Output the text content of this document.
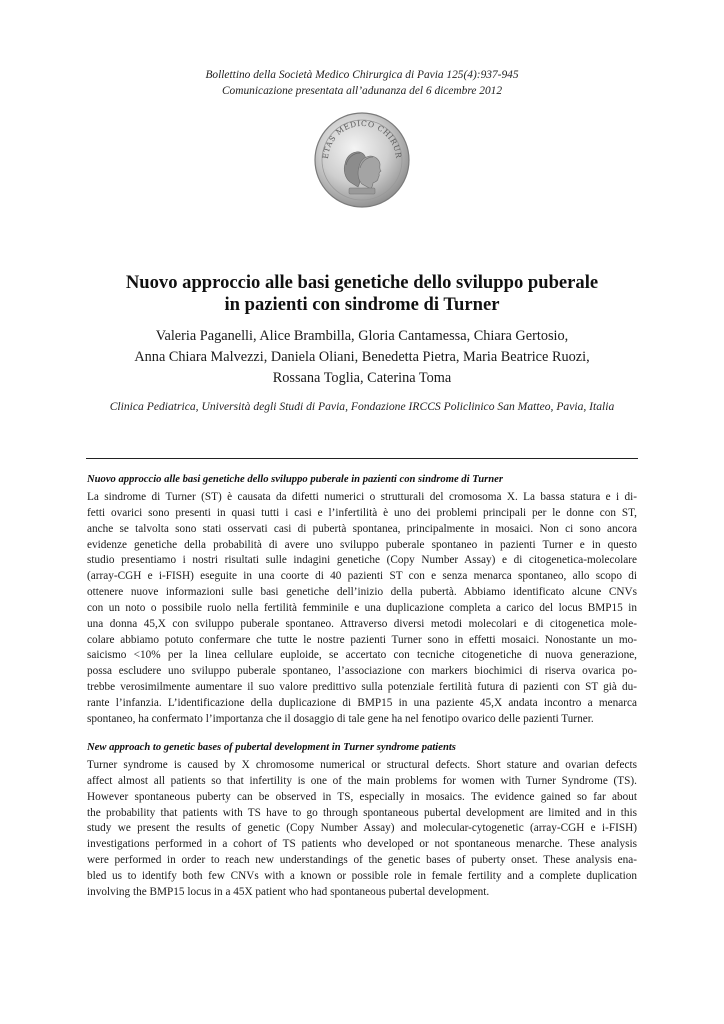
Bollettino della Società Medico Chirurgica di Pavia 125(4):937-945
Comunicazione presentata all’adunanza del 6 dicembre 2012
ETAS MEDICO CHIRUR
Nuovo approccio alle basi genetiche dello sviluppo puberale
in pazienti con sindrome di Turner
Valeria Paganelli, Alice Brambilla, Gloria Cantamessa, Chiara Gertosio,
Anna Chiara Malvezzi, Daniela Oliani, Benedetta Pietra, Maria Beatrice Ruozi,
Rossana Toglia, Caterina Toma
Clinica Pediatrica, Università degli Studi di Pavia, Fondazione IRCCS Policlinico San Matteo, Pavia, Italia
Nuovo approccio alle basi genetiche dello sviluppo puberale in pazienti con sindrome di Turner
La sindrome di Turner (ST) è causata da difetti numerici o strutturali del cromosoma X. La bassa statura e i di-
fetti ovarici sono presenti in quasi tutti i casi e l’infertilità è uno dei problemi principali per le donne con ST,
anche se talvolta sono stati osservati casi di pubertà spontanea, principalmente in mosaici. Non ci sono ancora
evidenze genetiche della probabilità di avere uno sviluppo puberale spontaneo in pazienti Turner e in questo
studio presentiamo i nostri risultati sulle indagini genetiche (Copy Number Assay) e di citogenetica-molecolare
(array-CGH e i-FISH) eseguite in una coorte di 40 pazienti ST con e senza menarca spontaneo, allo scopo di
ottenere nuove informazioni sulle basi genetiche dell’inizio della pubertà. Abbiamo identificato alcune CNVs
con un noto o possibile ruolo nella fertilità femminile e una duplicazione completa a carico del locus BMP15 in
una donna 45,X con sviluppo puberale spontaneo. Attraverso diversi metodi molecolari e di citogenetica mole-
colare abbiamo potuto confermare che tutte le nostre pazienti Turner sono in effetti mosaici. Nonostante un mo-
saicismo <10% per la linea cellulare euploide, se accertato con tecniche citogenetiche di nuova generazione,
possa escludere uno sviluppo puberale spontaneo, l’associazione con markers biochimici di riserva ovarica po-
trebbe verosimilmente aumentare il suo valore predittivo sulla potenziale fertilità futura di pazienti con ST già du-
rante l’infanzia. L’identificazione della duplicazione di BMP15 in una paziente 45,X andata incontro a menarca
spontaneo, ha confermato l’importanza che il dosaggio di tale gene ha nel fenotipo ovarico delle pazienti Turner.
New approach to genetic bases of pubertal development in Turner syndrome patients
Turner syndrome is caused by X chromosome numerical or structural defects. Short stature and ovarian defects
affect almost all patients so that infertility is one of the main problems for women with Turner Syndrome (TS).
However spontaneous puberty can be observed in TS, especially in mosaics. The evidence gained so far about
the probability that patients with TS have to go through spontaneous pubertal development are limited and in this
study we present the results of genetic (Copy Number Assay) and molecular-cytogenetic (array-CGH e i-FISH)
investigations performed in a cohort of TS patients who developed or not spontaneous menarche. These analysis
were performed in order to reach new understandings of the genetic bases of puberty onset. These analysis ena-
bled us to identify both few CNVs with a known or possible role in female fertility and a complete duplication
involving the BMP15 locus in a 45X patient who had spontaneous pubertal development.
